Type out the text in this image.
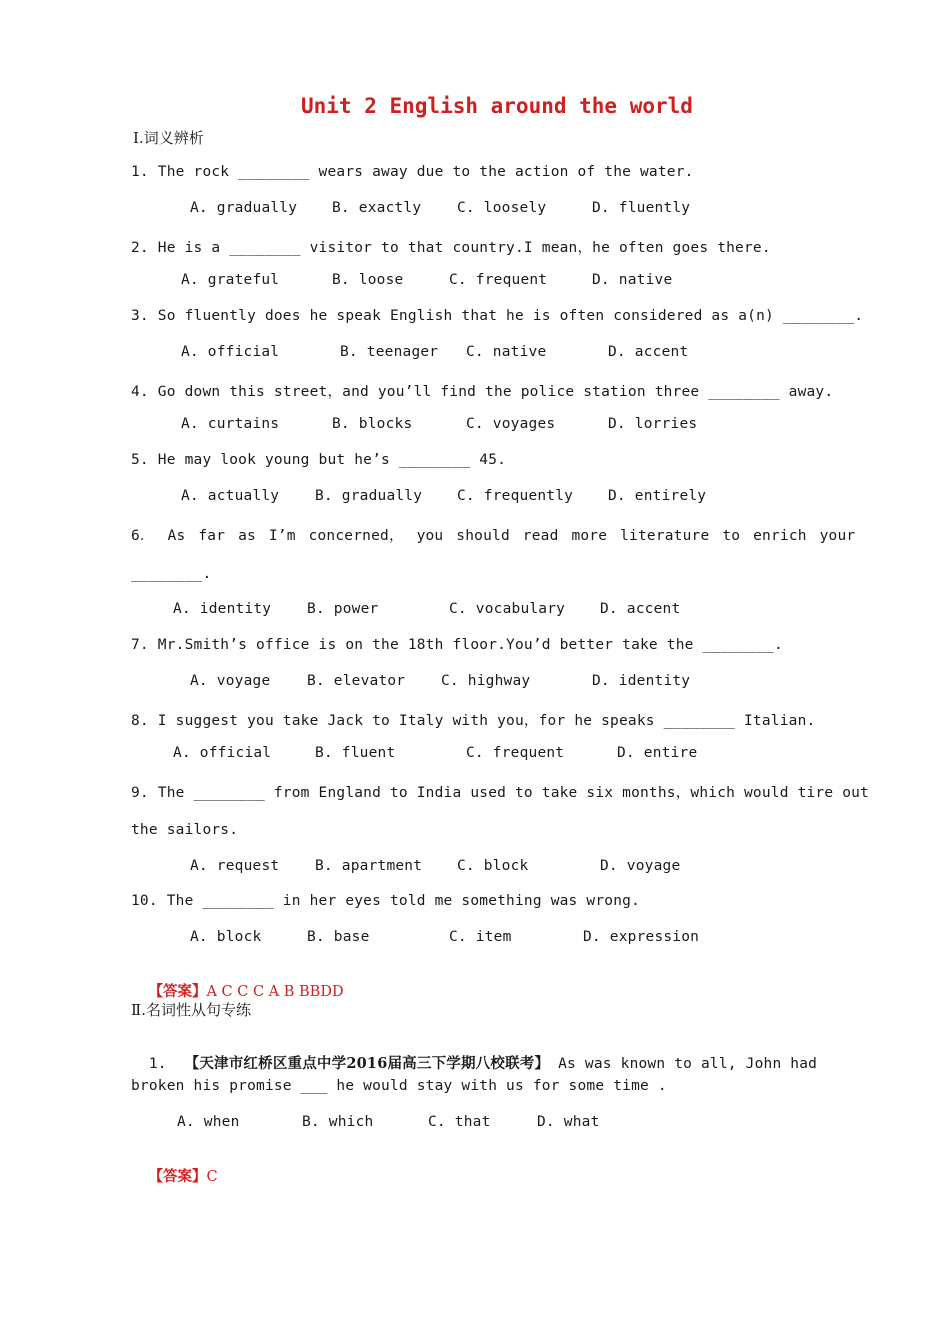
Unit 2 English around the world
Ⅰ.词义辨析
1. The rock ________ wears away due to the action of the water.
A. gradually B. exactly C. loosely	D. fluently
2. He is a ________ visitor to that country.I mean，he often goes there.
A. grateful	B. loose	C. frequent	D. native
3. So fluently does he speak English that he is often considered as a(n) ________.
A. official	B. teenager C. native	D. accent
4. Go down this street，and you’ll find the police station three ________ away.
A. curtains	B. blocks	C. voyages	D. lorries
5. He may look young but he’s ________ 45.
A. actually B. gradually C. frequently D. entirely
6． As far as I’m concerned， you should read more literature to enrich your
________.
A. identity B. power	C. vocabulary D. accent
7. Mr.Smith’s office is on the 18th floor.You’d better take the ________.
A. voyage	B. elevator C. highway	D. identity
8. I suggest you take Jack to Italy with you，for he speaks ________ Italian.
A. official	B. fluent	C. frequent	D. entire
9. The ________ from England to India used to take six months，which would tire out
the sailors.
A. request B. apartment C. block	D. voyage
10. The ________ in her eyes told me something was wrong.
A. block	B. base	C. item	D. expression

【答案】A C C C A B BBDD

Ⅱ.名词性从句专练

1. 【天津市红桥区重点中学2016届高三下学期八校联考】 As was known to all, John had

broken his promise ___ he would stay with us for some time .
A. when	B. which	C. that	D. what

【答案】C
